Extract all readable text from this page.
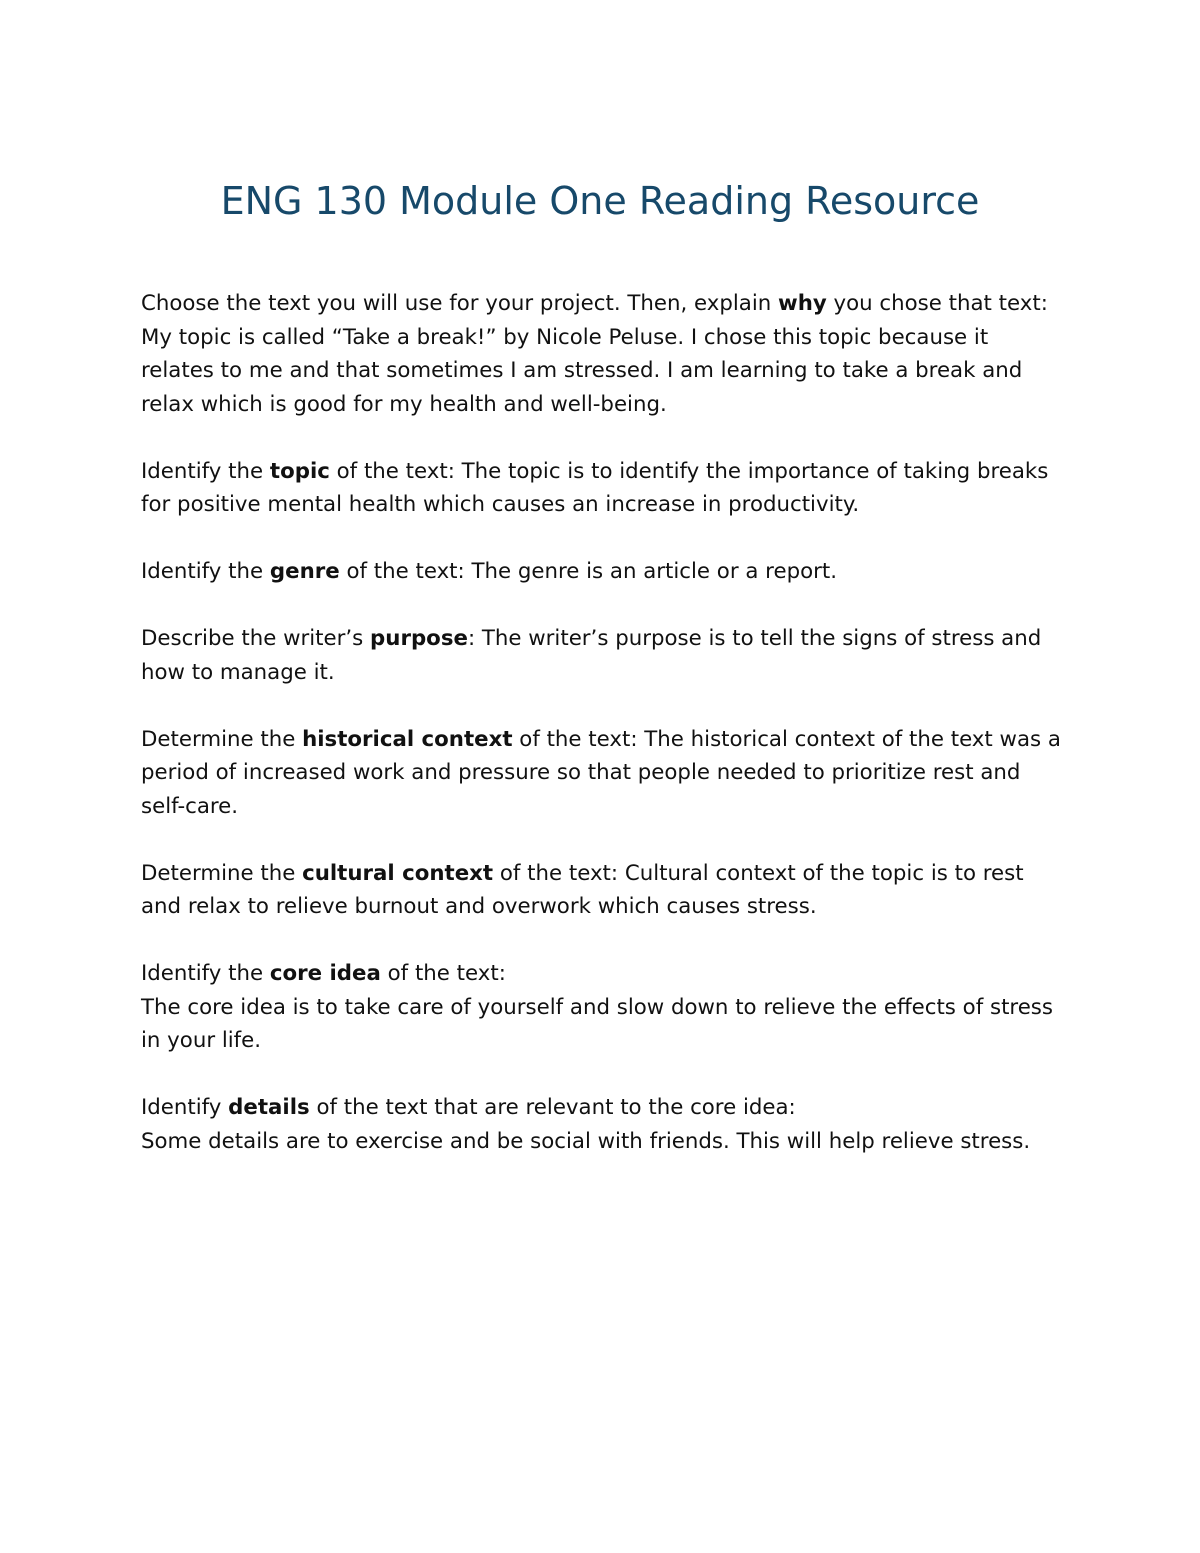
ENG 130 Module One Reading Resource

Choose the text you will use for your project. Then, explain why you chose that text:
My topic is called “Take a break!” by Nicole Peluse. I chose this topic because it relates to me and that sometimes I am stressed. I am learning to take a break and relax which is good for my health and well-being.

Identify the topic of the text: The topic is to identify the importance of taking breaks for positive mental health which causes an increase in productivity.

Identify the genre of the text: The genre is an article or a report.

Describe the writer’s purpose: The writer’s purpose is to tell the signs of stress and how to manage it.

Determine the historical context of the text: The historical context of the text was a period of increased work and pressure so that people needed to prioritize rest and self-care.

Determine the cultural context of the text: Cultural context of the topic is to rest and relax to relieve burnout and overwork which causes stress.

Identify the core idea of the text:
The core idea is to take care of yourself and slow down to relieve the effects of stress in your life.

Identify details of the text that are relevant to the core idea:
Some details are to exercise and be social with friends. This will help relieve stress.
